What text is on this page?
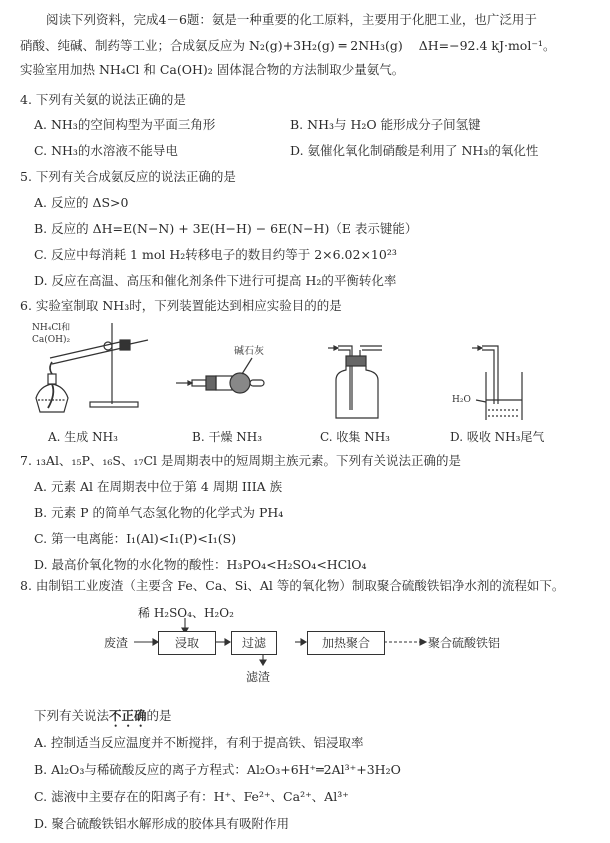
阅读下列资料，完成4－6题：氨是一种重要的化工原料，主要用于化肥工业，也广泛用于
硝酸、纯碱、制药等工业；合成氨反应为 N₂(g)+3H₂(g) ═ 2NH₃(g) ΔH=−92.4 kJ·mol⁻¹。
实验室用加热 NH₄Cl 和 Ca(OH)₂ 固体混合物的方法制取少量氨气。
4. 下列有关氨的说法正确的是
A. NH₃的空间构型为平面三角形	B. NH₃与 H₂O 能形成分子间氢键
C. NH₃的水溶液不能导电	D. 氨催化氧化制硝酸是利用了 NH₃的氧化性
5. 下列有关合成氨反应的说法正确的是
A. 反应的 ΔS>0
B. 反应的 ΔH=E(N−N) + 3E(H−H) − 6E(N−H)（E 表示键能）
C. 反应中每消耗 1 mol H₂转移电子的数目约等于 2×6.02×10²³
D. 反应在高温、高压和催化剂条件下进行可提高 H₂的平衡转化率
6. 实验室制取 NH₃时，下列装置能达到相应实验目的的是
NH₄Cl和
Ca(OH)₂
A. 生成 NH₃
碱石灰
B. 干燥 NH₃	C. 收集 NH₃
H₂O
D. 吸收 NH₃尾气
7. ₁₃Al、₁₅P、₁₆S、₁₇Cl 是周期表中的短周期主族元素。下列有关说法正确的是
A. 元素 Al 在周期表中位于第 4 周期 IIIA 族
B. 元素 P 的简单气态氢化物的化学式为 PH₄
C. 第一电离能：I₁(Al)<I₁(P)<I₁(S)
D. 最高价氧化物的水化物的酸性：H₃PO₄<H₂SO₄<HClO₄
8. 由制铝工业废渣（主要含 Fe、Ca、Si、Al 等的氧化物）制取聚合硫酸铁铝净水剂的流程如下。
稀 H₂SO₄、H₂O₂
废渣	浸取	过滤	加热聚合	聚合硫酸铁铝
滤渣
下列有关说法不正确的是
A. 控制适当反应温度并不断搅拌，有利于提高铁、铝浸取率
B. Al₂O₃与稀硫酸反应的离子方程式：Al₂O₃+6H⁺═2Al³⁺+3H₂O
C. 滤液中主要存在的阳离子有：H⁺、Fe²⁺、Ca²⁺、Al³⁺
D. 聚合硫酸铁铝水解形成的胶体具有吸附作用
